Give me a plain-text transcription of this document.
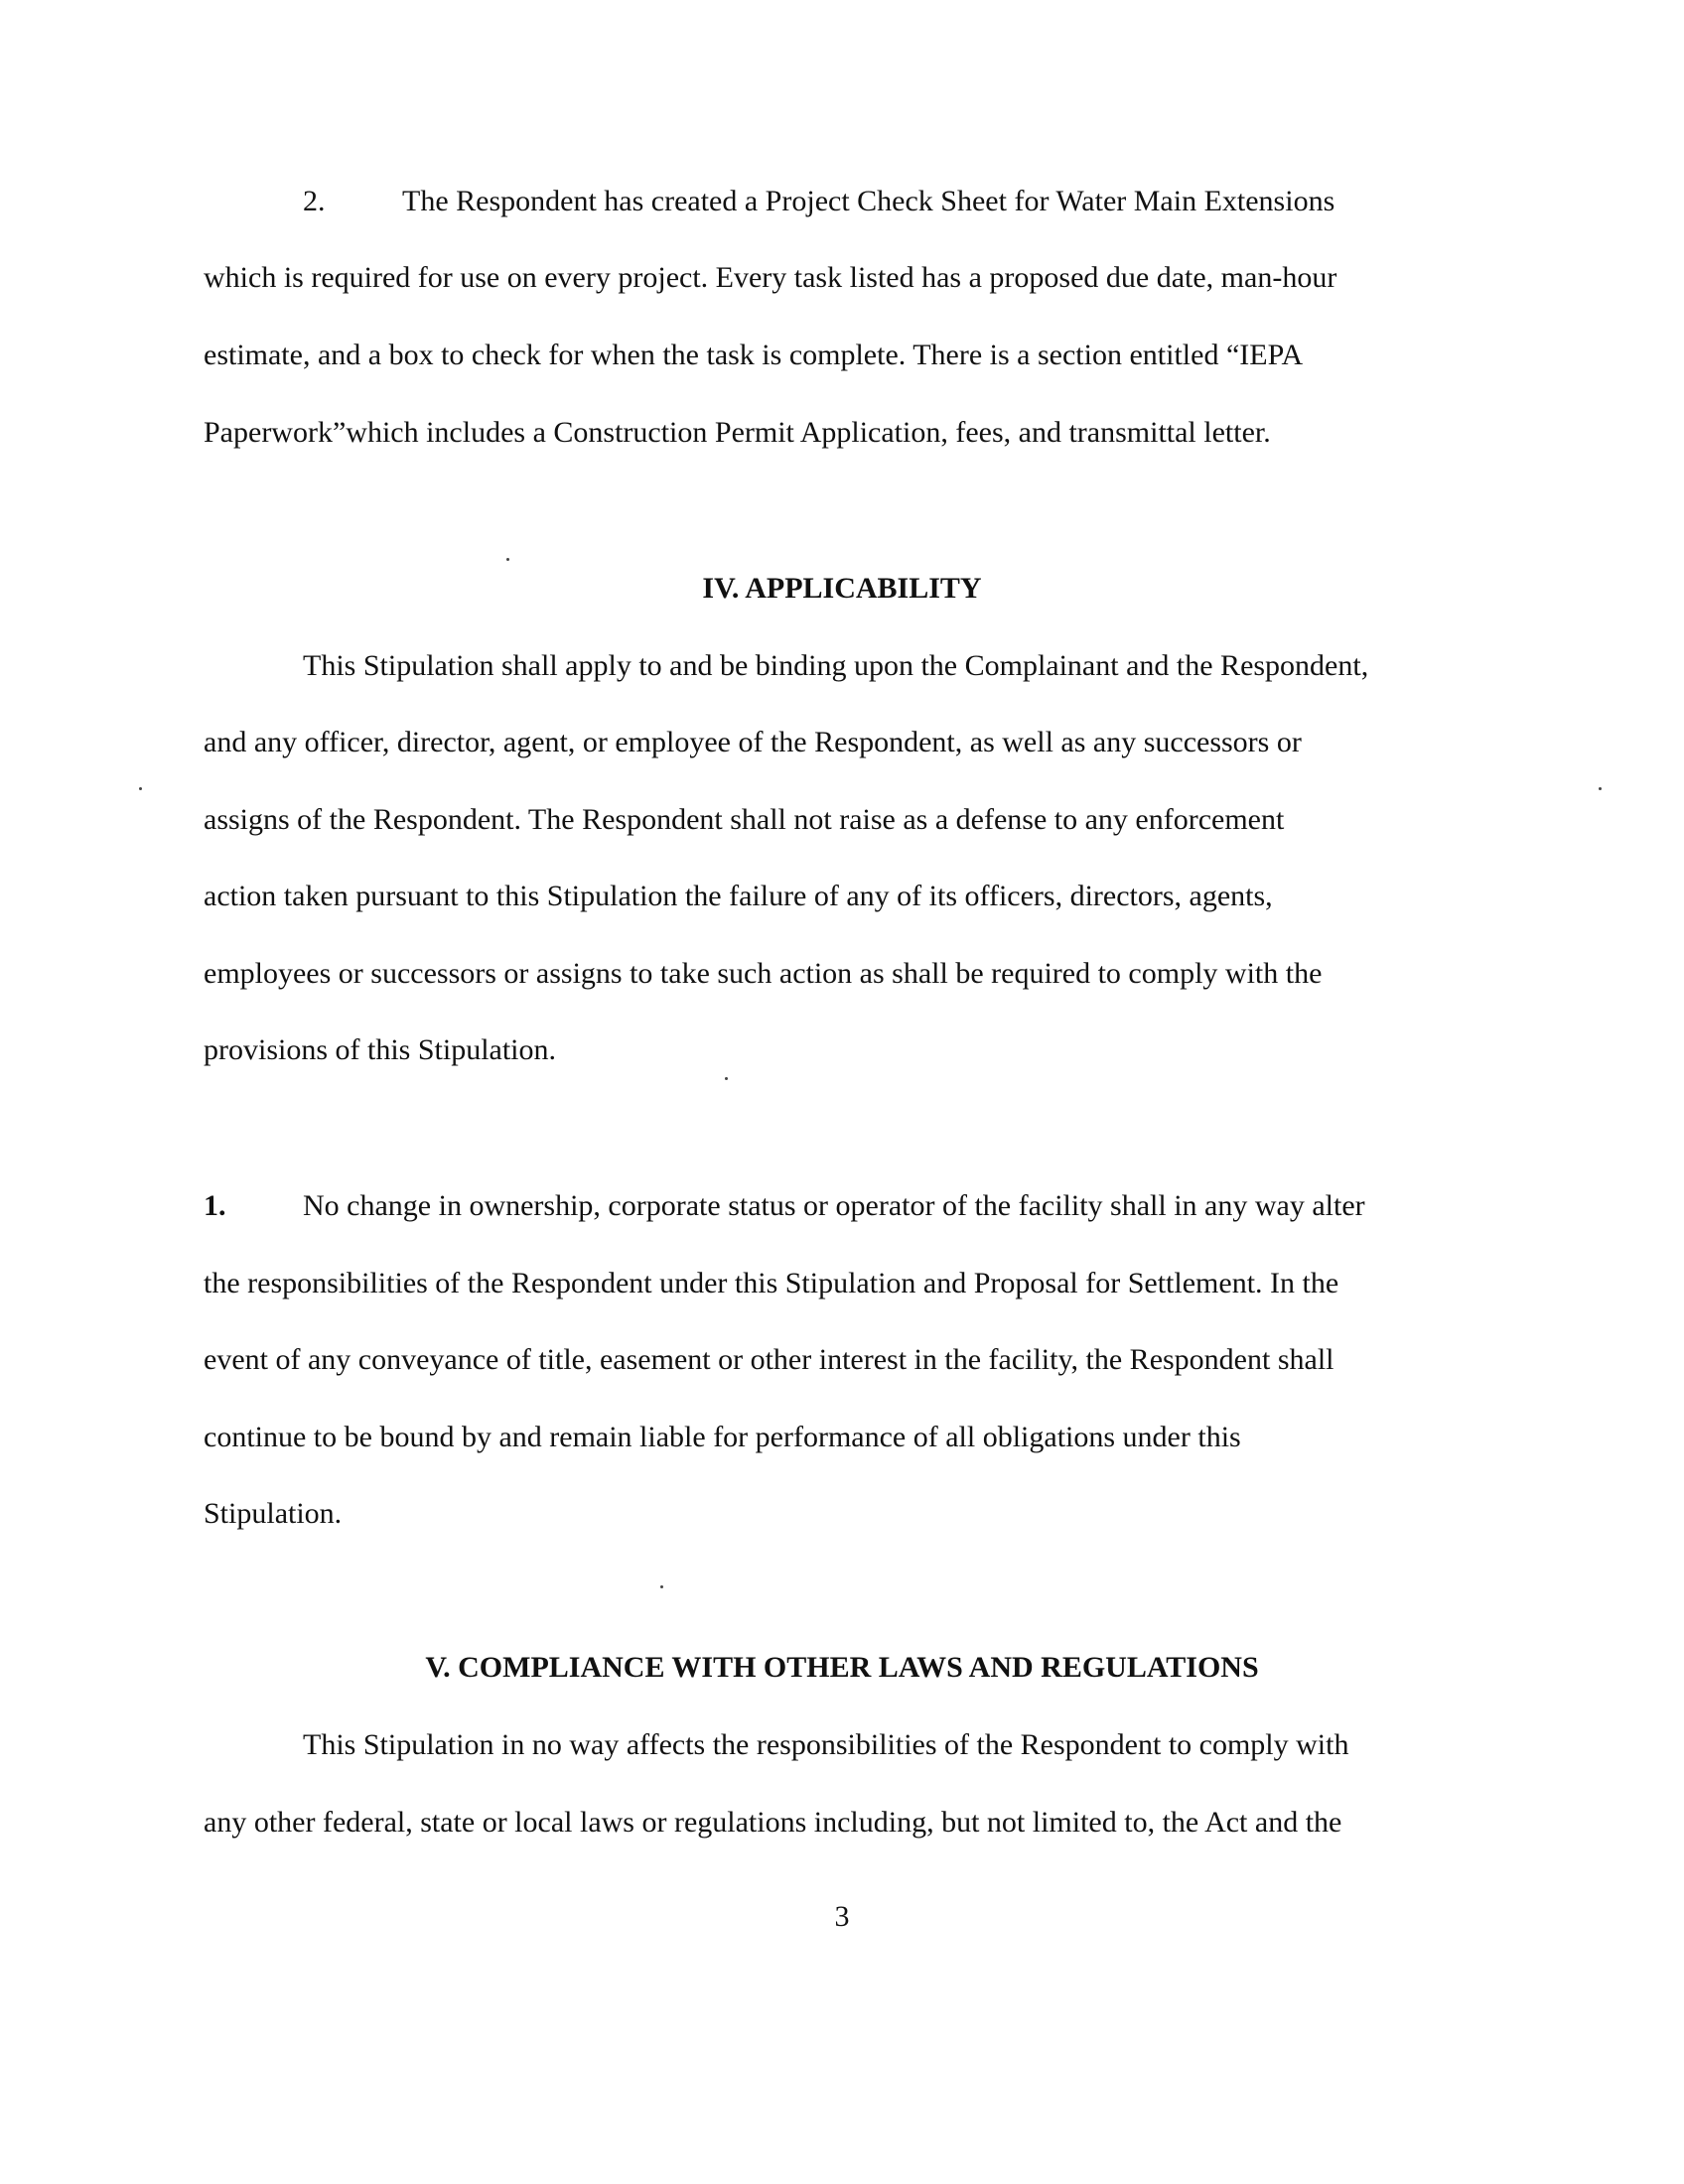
2.	The Respondent has created a Project Check Sheet for Water Main Extensions
which is required for use on every project. Every task listed has a proposed due date, man-hour
estimate, and a box to check for when the task is complete. There is a section entitled “IEPA
Paperwork”which includes a Construction Permit Application, fees, and transmittal letter.
IV. APPLICABILITY
This Stipulation shall apply to and be binding upon the Complainant and the Respondent,
and any officer, director, agent, or employee of the Respondent, as well as any successors or
assigns of the Respondent. The Respondent shall not raise as a defense to any enforcement
action taken pursuant to this Stipulation the failure of any of its officers, directors, agents,
employees or successors or assigns to take such action as shall be required to comply with the
provisions of this Stipulation.
1.	No change in ownership, corporate status or operator of the facility shall in any way alter
the responsibilities of the Respondent under this Stipulation and Proposal for Settlement. In the
event of any conveyance of title, easement or other interest in the facility, the Respondent shall
continue to be bound by and remain liable for performance of all obligations under this
Stipulation.
V. COMPLIANCE WITH OTHER LAWS AND REGULATIONS
This Stipulation in no way affects the responsibilities of the Respondent to comply with
any other federal, state or local laws or regulations including, but not limited to, the Act and the
3
